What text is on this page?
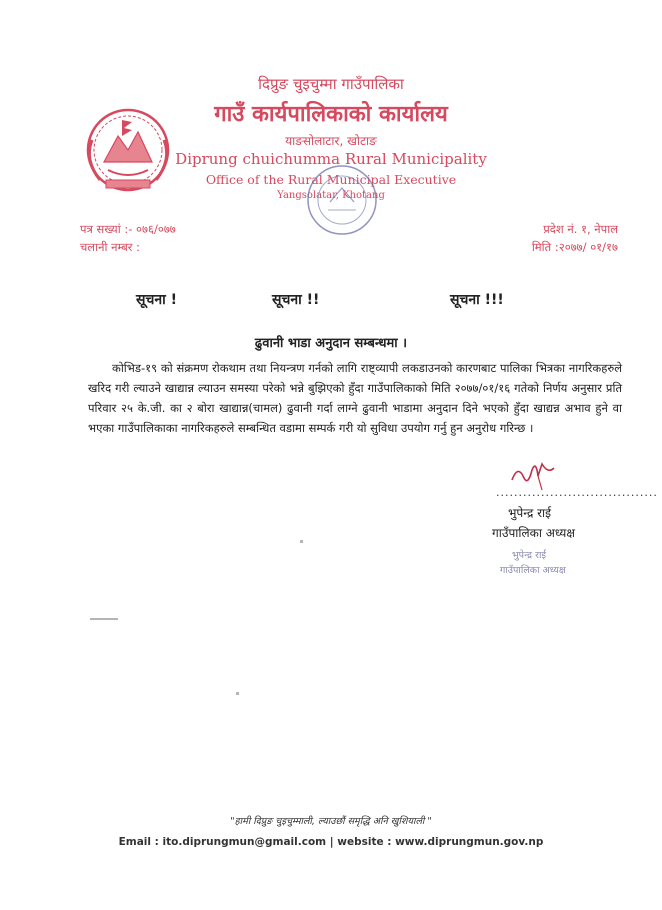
दिप्रुङ चुइचुम्मा गाउँपालिका
गाउँ कार्यपालिकाको कार्यालय
याङसोलाटार, खोटाङ
Diprung chuichumma Rural Municipality
Office of the Rural Municipal Executive
Yangsolatar, Khotang
पत्र सख्यां :- ०७६/०७७
चलानी नम्बर :
प्रदेश नं. १, नेपाल
मिति :२०७७/ ०१/१७
सूचना !	सूचना !!	सूचना !!!
ढुवानी भाडा अनुदान सम्बन्धमा ।
कोभिड-१९ को संक्रमण रोकथाम तथा नियन्त्रण गर्नको लागि राष्ट्व्यापी लकडाउनको कारणबाट पालिका भित्रका नागरिकहरुले खरिद गरी ल्याउने खाद्यान्न ल्याउन समस्या परेको भन्ने बुझिएको हुँदा गाउँपालिकाको मिति २०७७/०१/१६ गतेको निर्णय अनुसार प्रति परिवार २५ के.जी. का २ बोरा खाद्यान्न(चामल) ढुवानी गर्दा लाग्ने ढुवानी भाडामा अनुदान दिने भएको हुँदा खाद्यन्न अभाव हुने वा भएका गाउँपालिकाका नागरिकहरुले सम्बन्धित वडामा सम्पर्क गरी यो सुविधा उपयोग गर्नु हुन अनुरोध गरिन्छ ।
....................................
भुपेन्द्र राई
गाउँपालिका अध्यक्ष
भुपेन्द्र राई
गाउँपालिका अध्यक्ष
"हामी दिप्रुङ चुइचुम्माली, ल्याउछौं समृद्धि अनि खुशियाली "
Email : ito.diprungmun@gmail.com | website : www.diprungmun.gov.np
